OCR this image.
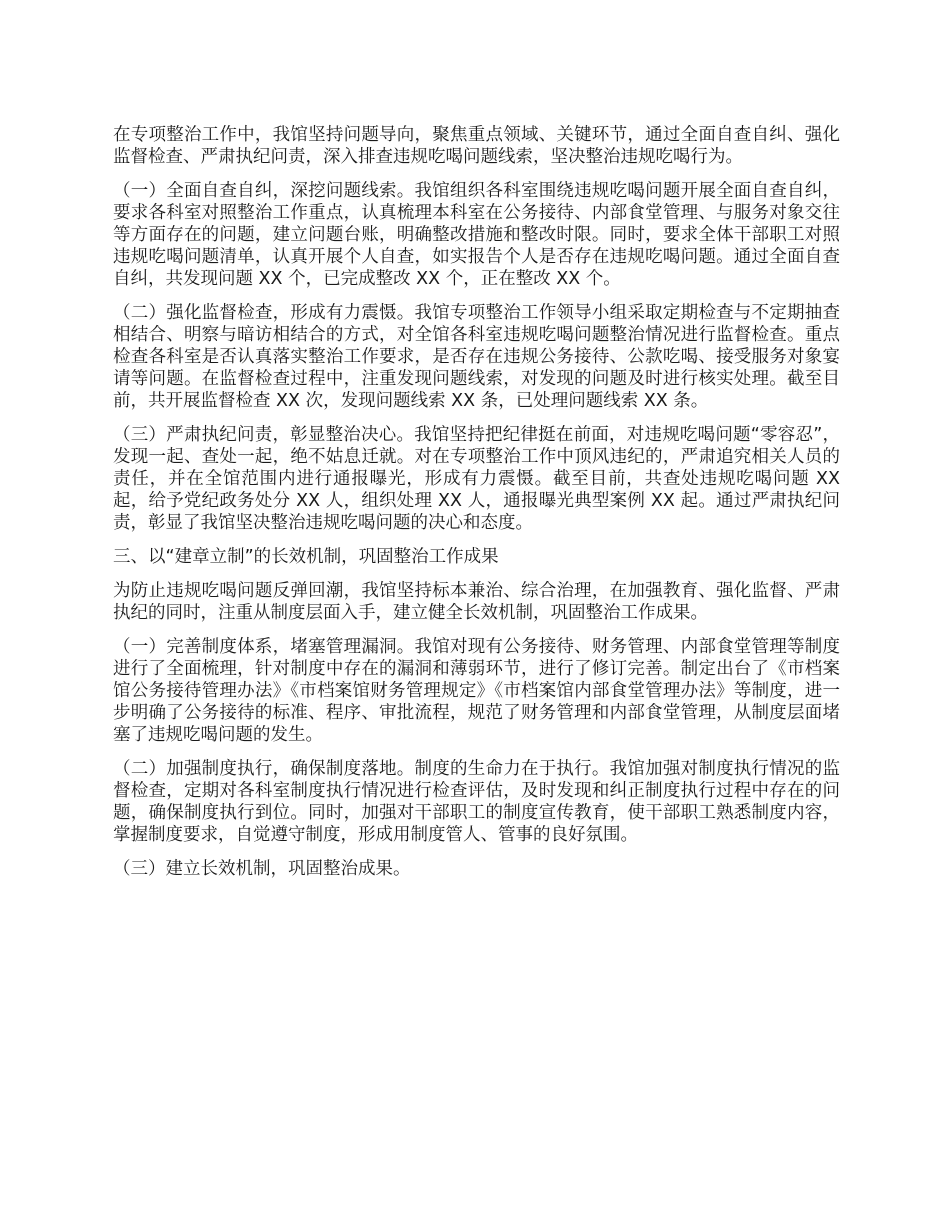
在专项整治工作中，我馆坚持问题导向，聚焦重点领域、关键环节，通过全面自查自纠、强化监督检查、严肃执纪问责，深入排查违规吃喝问题线索，坚决整治违规吃喝行为。

（一）全面自查自纠，深挖问题线索。我馆组织各科室围绕违规吃喝问题开展全面自查自纠，要求各科室对照整治工作重点，认真梳理本科室在公务接待、内部食堂管理、与服务对象交往等方面存在的问题，建立问题台账，明确整改措施和整改时限。同时，要求全体干部职工对照违规吃喝问题清单，认真开展个人自查，如实报告个人是否存在违规吃喝问题。通过全面自查自纠，共发现问题 XX 个，已完成整改 XX 个，正在整改 XX 个。

（二）强化监督检查，形成有力震慑。我馆专项整治工作领导小组采取定期检查与不定期抽查相结合、明察与暗访相结合的方式，对全馆各科室违规吃喝问题整治情况进行监督检查。重点检查各科室是否认真落实整治工作要求，是否存在违规公务接待、公款吃喝、接受服务对象宴请等问题。在监督检查过程中，注重发现问题线索，对发现的问题及时进行核实处理。截至目前，共开展监督检查 XX 次，发现问题线索 XX 条，已处理问题线索 XX 条。

（三）严肃执纪问责，彰显整治决心。我馆坚持把纪律挺在前面，对违规吃喝问题“零容忍”，发现一起、查处一起，绝不姑息迁就。对在专项整治工作中顶风违纪的，严肃追究相关人员的责任，并在全馆范围内进行通报曝光，形成有力震慑。截至目前，共查处违规吃喝问题 XX 起，给予党纪政务处分 XX 人，组织处理 XX 人，通报曝光典型案例 XX 起。通过严肃执纪问责，彰显了我馆坚决整治违规吃喝问题的决心和态度。

三、以“建章立制”的长效机制，巩固整治工作成果

为防止违规吃喝问题反弹回潮，我馆坚持标本兼治、综合治理，在加强教育、强化监督、严肃执纪的同时，注重从制度层面入手，建立健全长效机制，巩固整治工作成果。

（一）完善制度体系，堵塞管理漏洞。我馆对现有公务接待、财务管理、内部食堂管理等制度进行了全面梳理，针对制度中存在的漏洞和薄弱环节，进行了修订完善。制定出台了《市档案馆公务接待管理办法》《市档案馆财务管理规定》《市档案馆内部食堂管理办法》等制度，进一步明确了公务接待的标准、程序、审批流程，规范了财务管理和内部食堂管理，从制度层面堵塞了违规吃喝问题的发生。

（二）加强制度执行，确保制度落地。制度的生命力在于执行。我馆加强对制度执行情况的监督检查，定期对各科室制度执行情况进行检查评估，及时发现和纠正制度执行过程中存在的问题，确保制度执行到位。同时，加强对干部职工的制度宣传教育，使干部职工熟悉制度内容，掌握制度要求，自觉遵守制度，形成用制度管人、管事的良好氛围。

（三）建立长效机制，巩固整治成果。
